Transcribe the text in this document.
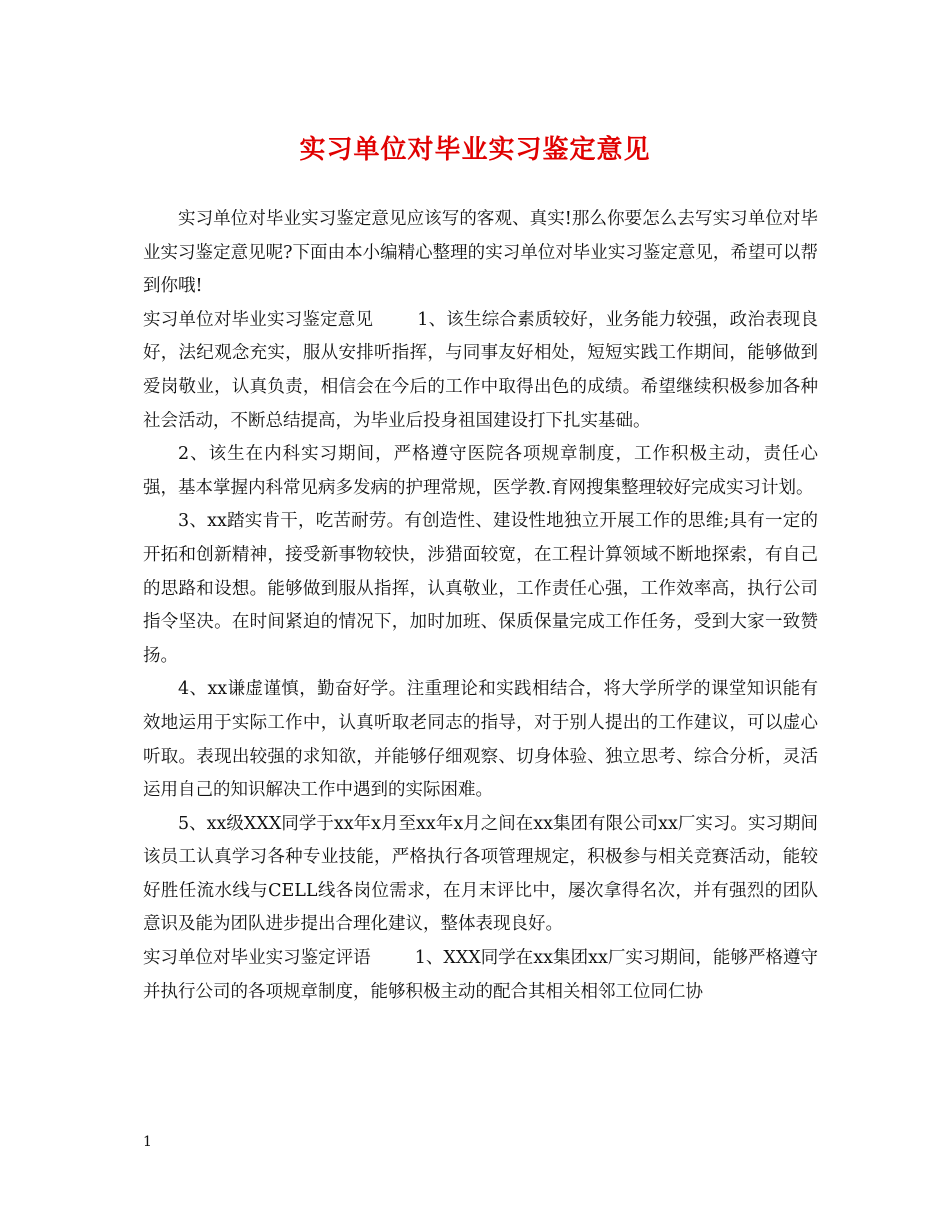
实习单位对毕业实习鉴定意见

实习单位对毕业实习鉴定意见应该写的客观、真实!那么你要怎么去写实习单位对毕业实习鉴定意见呢?下面由本小编精心整理的实习单位对毕业实习鉴定意见，希望可以帮到你哦!

实习单位对毕业实习鉴定意见	1、该生综合素质较好，业务能力较强，政治表现良好，法纪观念充实，服从安排听指挥，与同事友好相处，短短实践工作期间，能够做到爱岗敬业，认真负责，相信会在今后的工作中取得出色的成绩。希望继续积极参加各种社会活动，不断总结提高，为毕业后投身祖国建设打下扎实基础。

2、该生在内科实习期间，严格遵守医院各项规章制度，工作积极主动，责任心强，基本掌握内科常见病多发病的护理常规，医学教.育网搜集整理较好完成实习计划。

3、xx踏实肯干，吃苦耐劳。有创造性、建设性地独立开展工作的思维;具有一定的开拓和创新精神，接受新事物较快，涉猎面较宽，在工程计算领域不断地探索，有自己的思路和设想。能够做到服从指挥，认真敬业，工作责任心强，工作效率高，执行公司指令坚决。在时间紧迫的情况下，加时加班、保质保量完成工作任务，受到大家一致赞扬。

4、xx谦虚谨慎，勤奋好学。注重理论和实践相结合，将大学所学的课堂知识能有效地运用于实际工作中，认真听取老同志的指导，对于别人提出的工作建议，可以虚心听取。表现出较强的求知欲，并能够仔细观察、切身体验、独立思考、综合分析，灵活运用自己的知识解决工作中遇到的实际困难。

5、xx级XXX同学于xx年x月至xx年x月之间在xx集团有限公司xx厂实习。实习期间该员工认真学习各种专业技能，严格执行各项管理规定，积极参与相关竞赛活动，能较好胜任流水线与CELL线各岗位需求，在月末评比中，屡次拿得名次，并有强烈的团队意识及能为团队进步提出合理化建议，整体表现良好。

实习单位对毕业实习鉴定评语	1、XXX同学在xx集团xx厂实习期间，能够严格遵守并执行公司的各项规章制度，能够积极主动的配合其相关相邻工位同仁协

1
